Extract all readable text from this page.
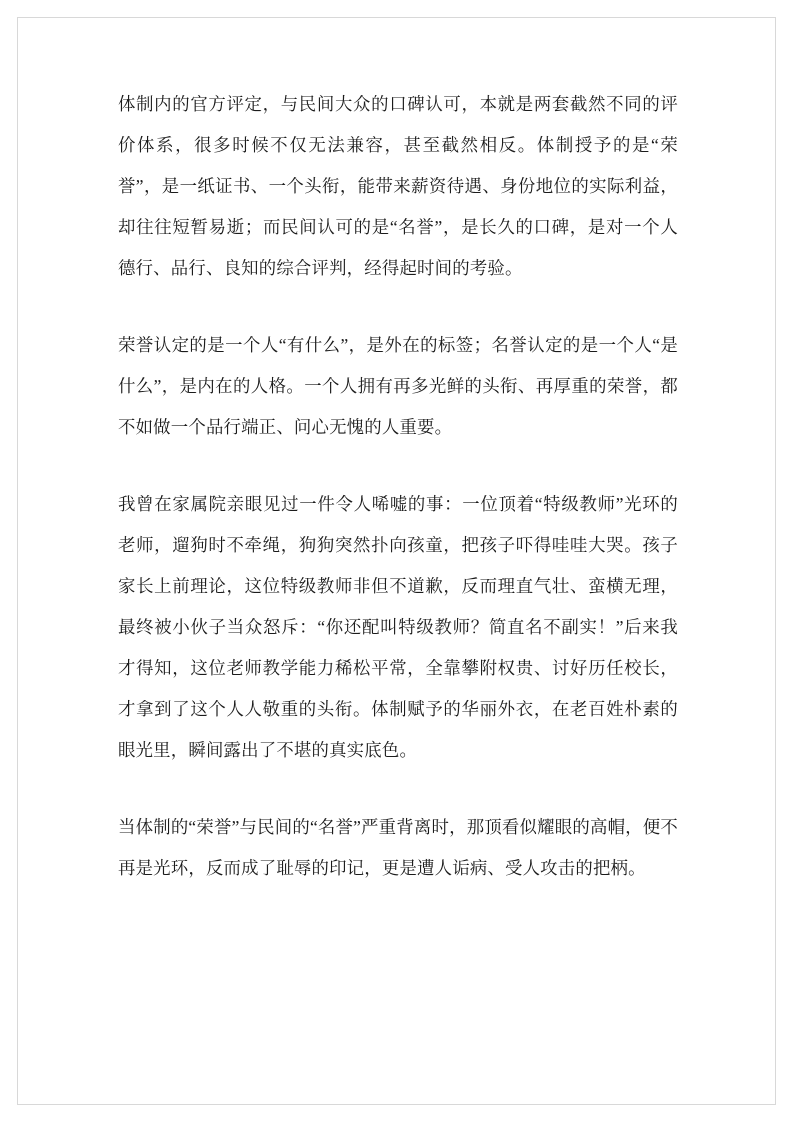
体制内的官方评定，与民间大众的口碑认可，本就是两套截然不同的评价体系，很多时候不仅无法兼容，甚至截然相反。体制授予的是“荣誉”，是一纸证书、一个头衔，能带来薪资待遇、身份地位的实际利益，却往往短暂易逝；而民间认可的是“名誉”，是长久的口碑，是对一个人德行、品行、良知的综合评判，经得起时间的考验。

荣誉认定的是一个人“有什么”，是外在的标签；名誉认定的是一个人“是什么”，是内在的人格。一个人拥有再多光鲜的头衔、再厚重的荣誉，都不如做一个品行端正、问心无愧的人重要。

我曾在家属院亲眼见过一件令人唏嘘的事：一位顶着“特级教师”光环的老师，遛狗时不牵绳，狗狗突然扑向孩童，把孩子吓得哇哇大哭。孩子家长上前理论，这位特级教师非但不道歉，反而理直气壮、蛮横无理，最终被小伙子当众怒斥：“你还配叫特级教师？简直名不副实！”后来我才得知，这位老师教学能力稀松平常，全靠攀附权贵、讨好历任校长，才拿到了这个人人敬重的头衔。体制赋予的华丽外衣，在老百姓朴素的眼光里，瞬间露出了不堪的真实底色。

当体制的“荣誉”与民间的“名誉”严重背离时，那顶看似耀眼的高帽，便不再是光环，反而成了耻辱的印记，更是遭人诟病、受人攻击的把柄。
